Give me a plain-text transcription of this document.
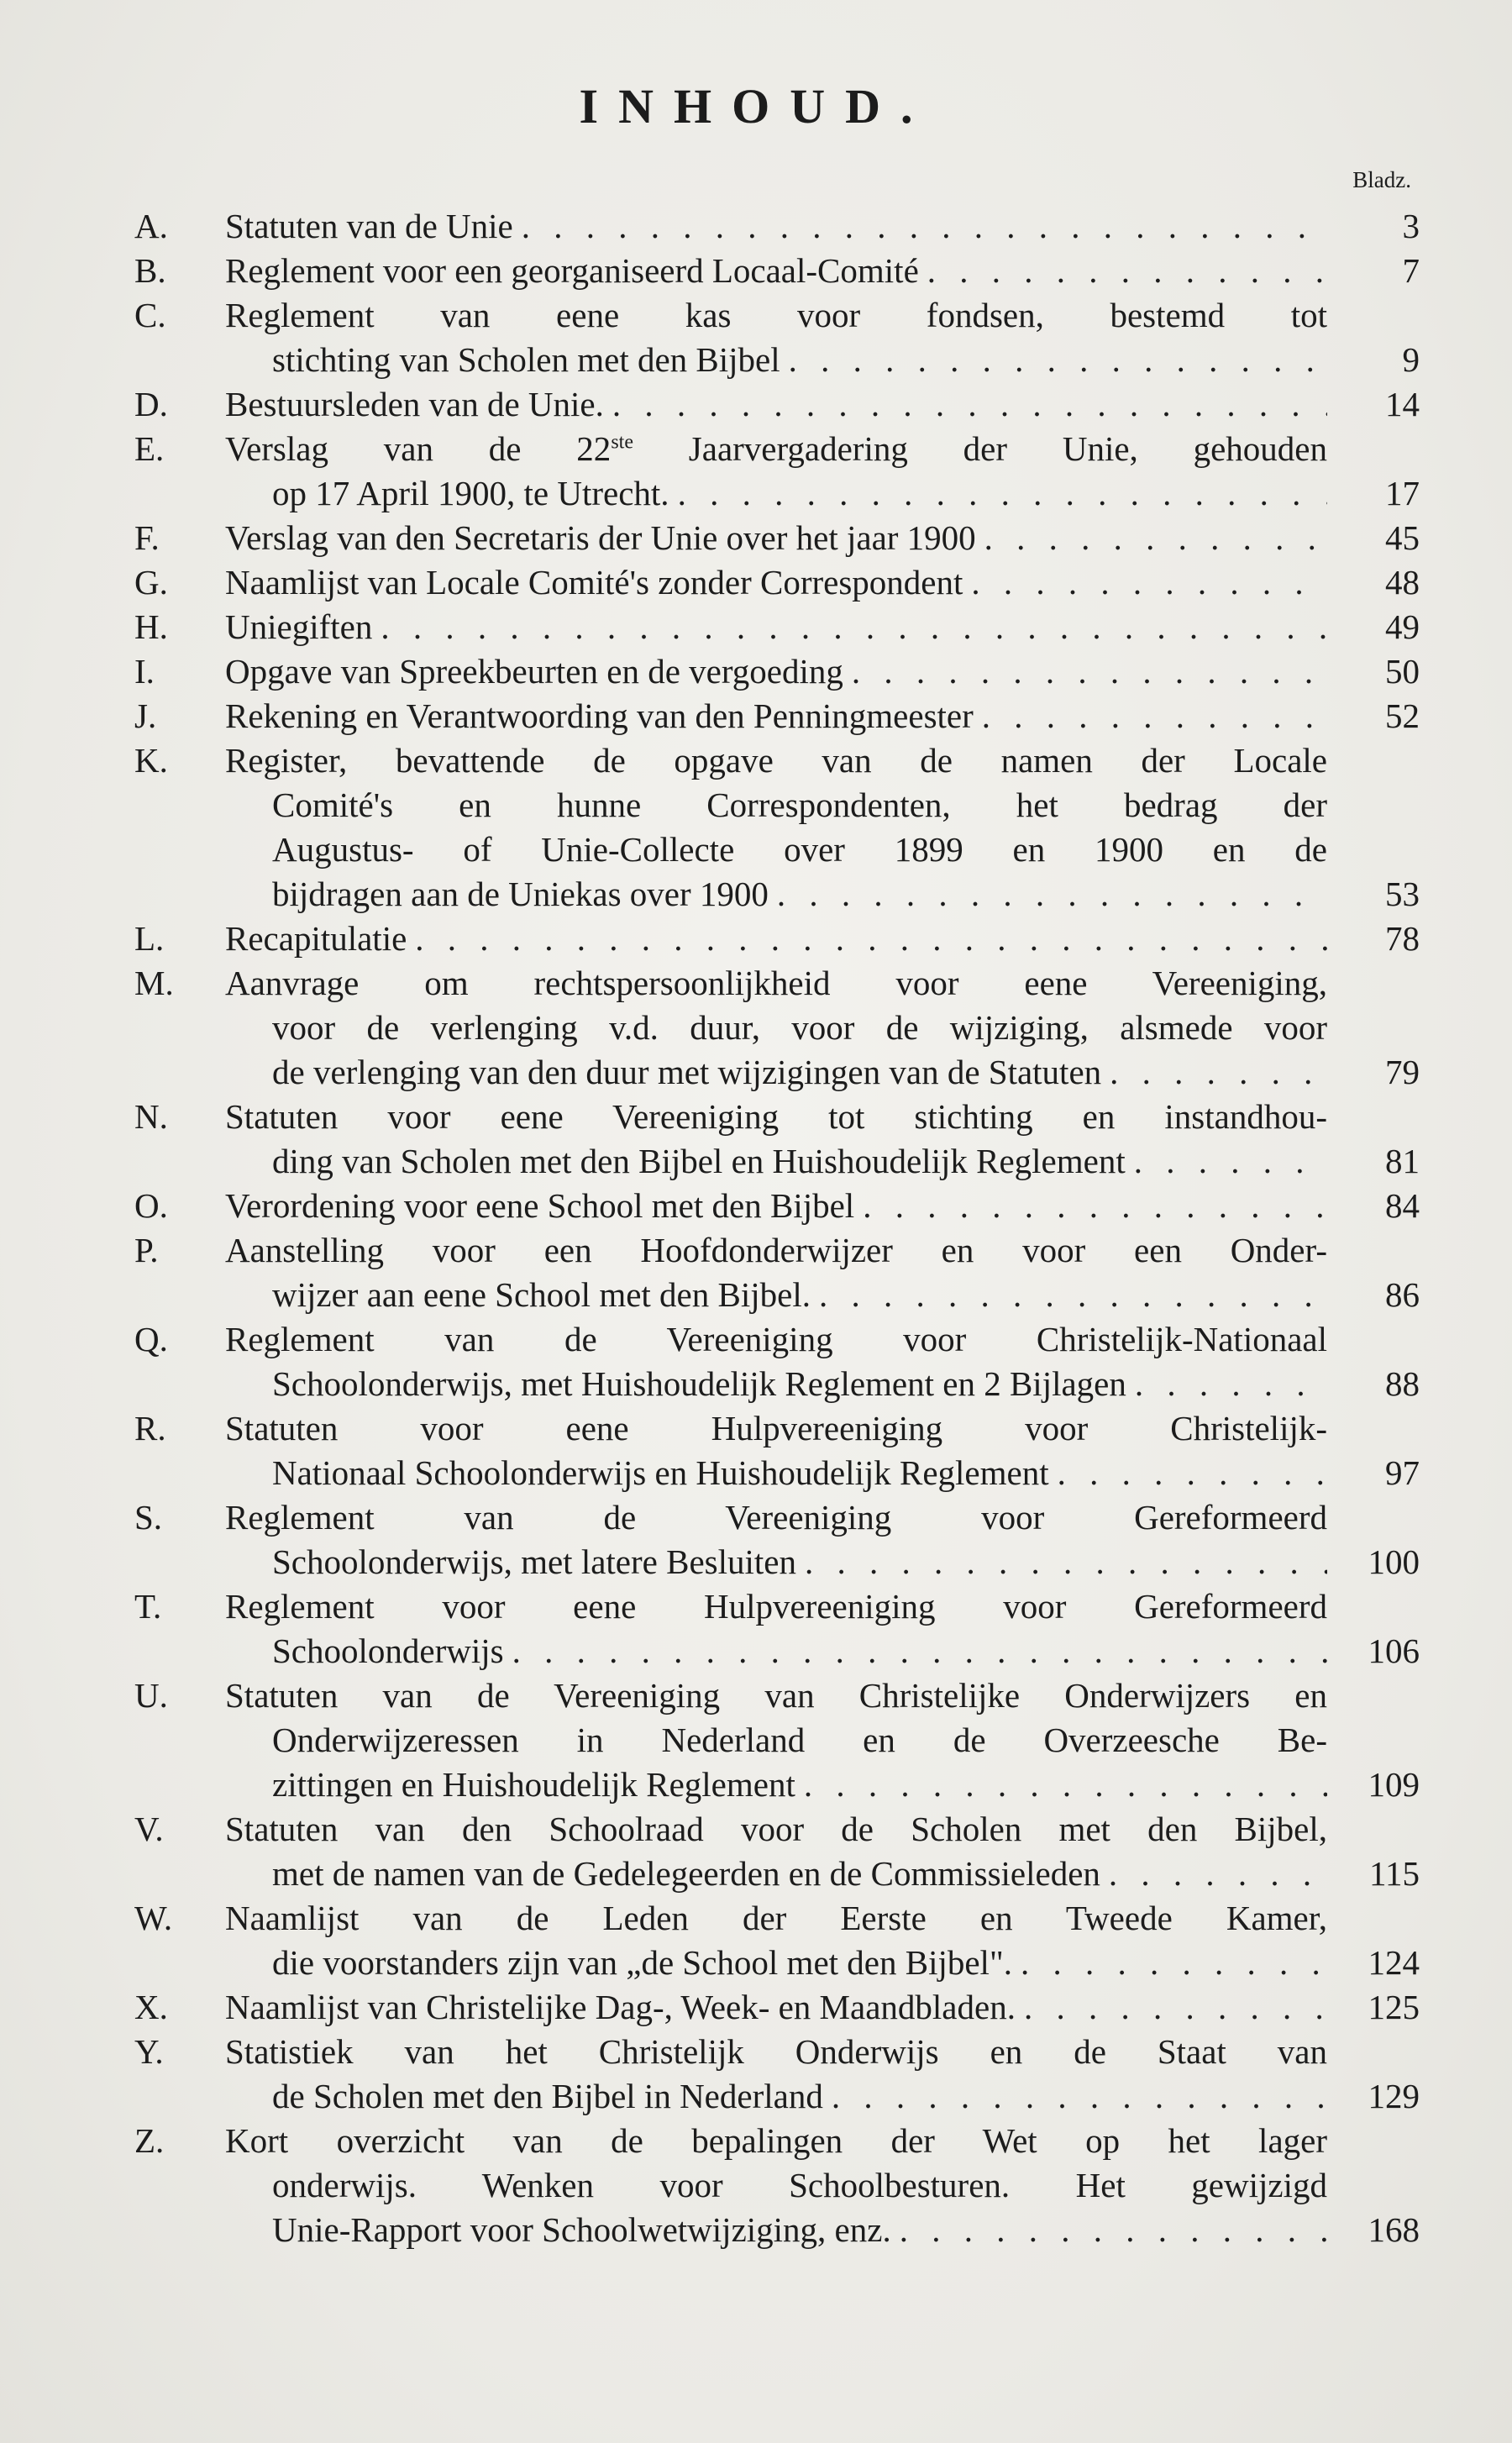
INHOUD.
Bladz.
A.	Statuten van de Unie . . .	3
B.	Reglement voor een georganiseerd Locaal-Comité . . .	7
C.	Reglement van eene kas voor fondsen, bestemd tot
stichting van Scholen met den Bijbel . . .	9
D.	Bestuursleden van de Unie. . . .	14
E.	Verslag van de 22ste Jaarvergadering der Unie, gehouden
op 17 April 1900, te Utrecht. . . .	17
F.	Verslag van den Secretaris der Unie over het jaar 1900 . . .	45
G.	Naamlijst van Locale Comité's zonder Correspondent . . .	48
H.	Uniegiften . . .	49
I.	Opgave van Spreekbeurten en de vergoeding . . .	50
J.	Rekening en Verantwoording van den Penningmeester . . .	52
K.	Register, bevattende de opgave van de namen der Locale
Comité's en hunne Correspondenten, het bedrag der
Augustus- of Unie-Collecte over 1899 en 1900 en de
bijdragen aan de Uniekas over 1900 . . .	53
L.	Recapitulatie . . .	78
M.	Aanvrage om rechtspersoonlijkheid voor eene Vereeniging,
voor de verlenging v.d. duur, voor de wijziging, alsmede voor
de verlenging van den duur met wijzigingen van de Statuten . . .	79
N.	Statuten voor eene Vereeniging tot stichting en instandhou-
ding van Scholen met den Bijbel en Huishoudelijk Reglement . . .	81
O.	Verordening voor eene School met den Bijbel . . .	84
P.	Aanstelling voor een Hoofdonderwijzer en voor een Onder-
wijzer aan eene School met den Bijbel. . . .	86
Q.	Reglement van de Vereeniging voor Christelijk-Nationaal
Schoolonderwijs, met Huishoudelijk Reglement en 2 Bijlagen . . .	88
R.	Statuten voor eene Hulpvereeniging voor Christelijk-
Nationaal Schoolonderwijs en Huishoudelijk Reglement . . .	97
S.	Reglement van de Vereeniging voor Gereformeerd
Schoolonderwijs, met latere Besluiten . . .	100
T.	Reglement voor eene Hulpvereeniging voor Gereformeerd
Schoolonderwijs . . .	106
U.	Statuten van de Vereeniging van Christelijke Onderwijzers en
Onderwijzeressen in Nederland en de Overzeesche Be-
zittingen en Huishoudelijk Reglement . . .	109
V.	Statuten van den Schoolraad voor de Scholen met den Bijbel,
met de namen van de Gedelegeerden en de Commissieleden . . .	115
W.	Naamlijst van de Leden der Eerste en Tweede Kamer,
die voorstanders zijn van „de School met den Bijbel". . . .	124
X.	Naamlijst van Christelijke Dag-, Week- en Maandbladen. . . .	125
Y.	Statistiek van het Christelijk Onderwijs en de Staat van
de Scholen met den Bijbel in Nederland . . .	129
Z.	Kort overzicht van de bepalingen der Wet op het lager
onderwijs. Wenken voor Schoolbesturen. Het gewijzigd
Unie-Rapport voor Schoolwetwijziging, enz. . . .	168
